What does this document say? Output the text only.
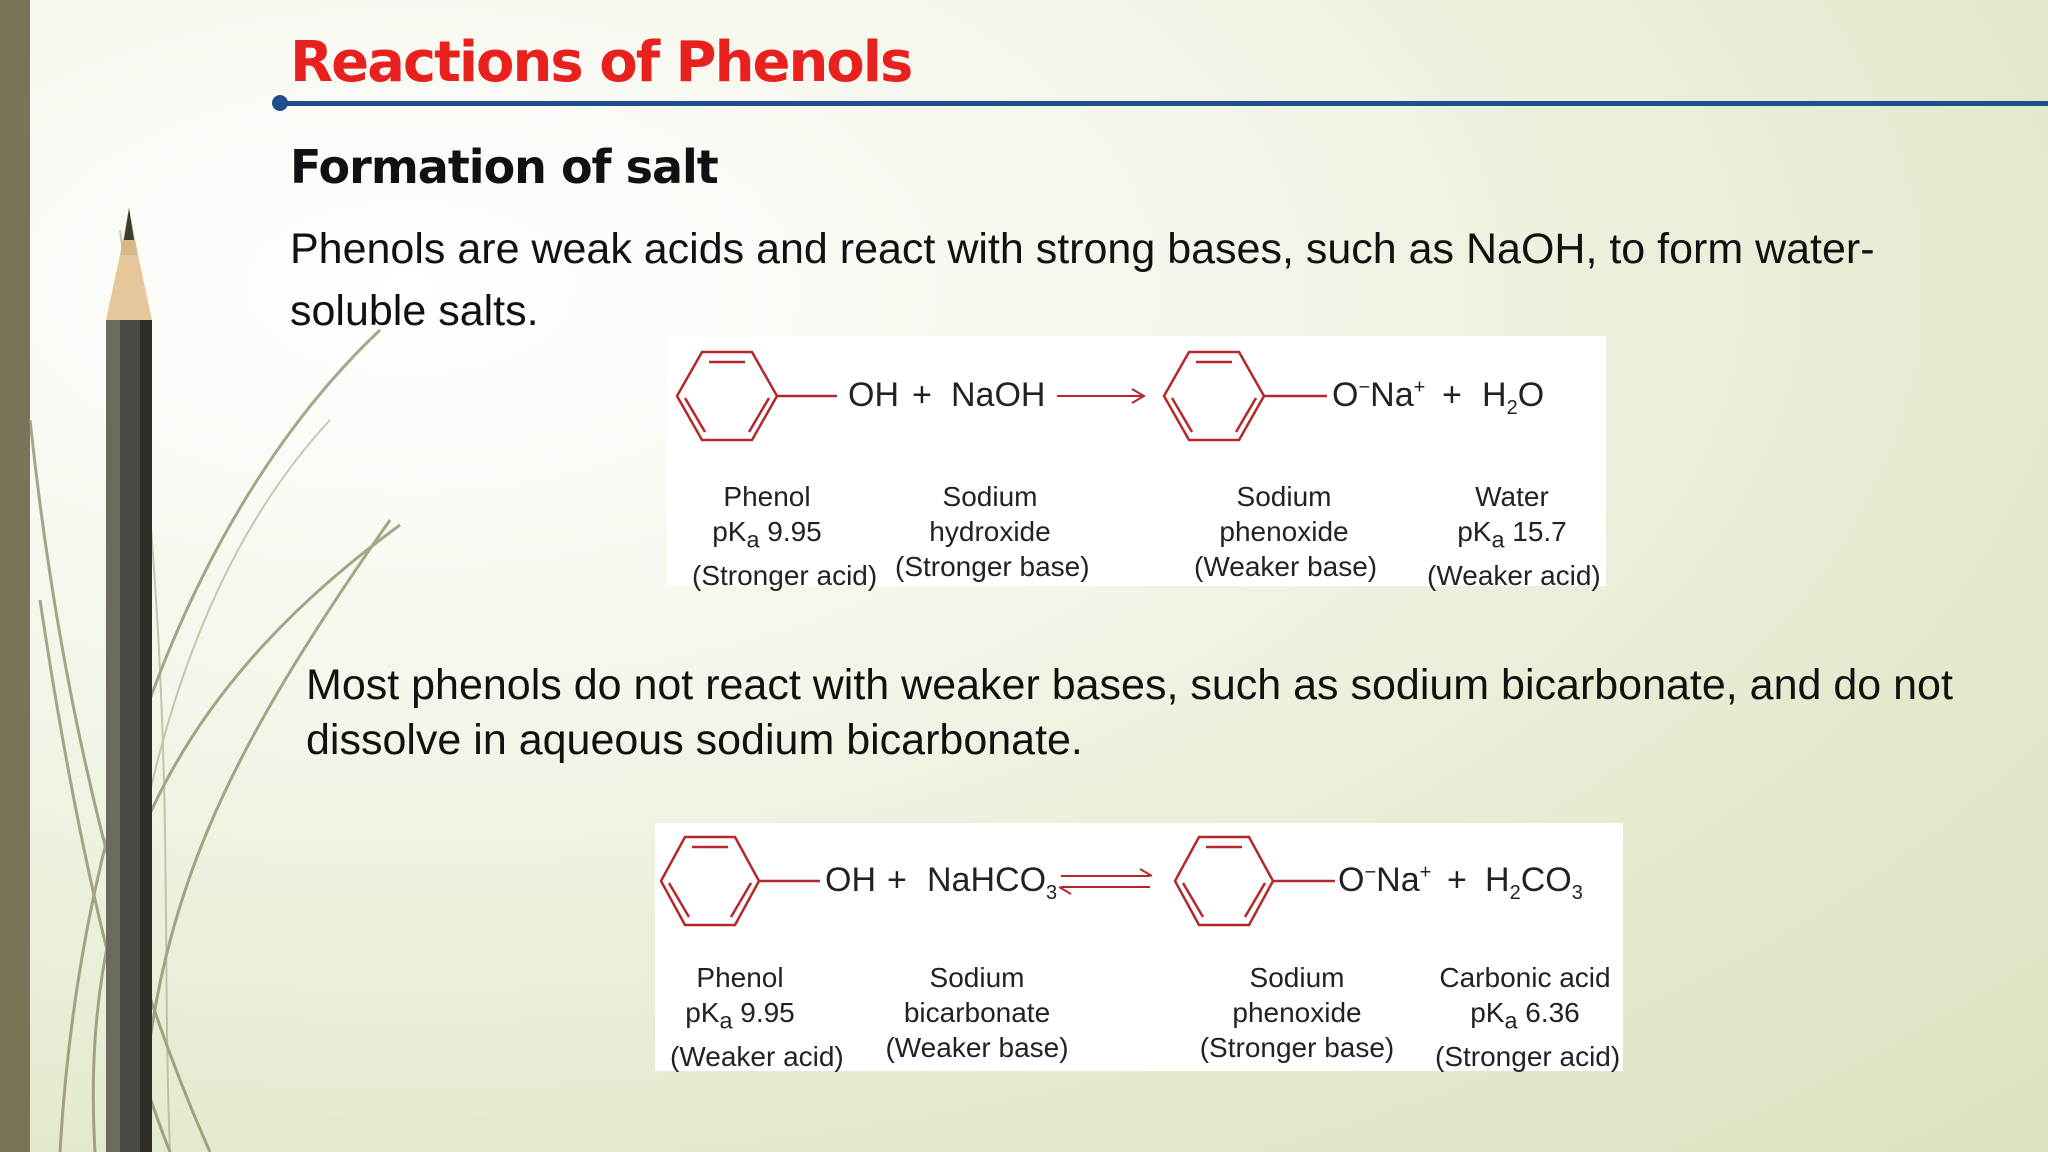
Reactions of Phenols
Formation of salt

Phenols are weak acids and react with strong bases, such as NaOH, to form water-soluble salts.

OH + NaOH	$O^-Na^+ + H_2O$
Phenol
$pK_a$ 9.95
(Stronger acid)
Sodium
hydroxide
(Stronger base)
Sodium
phenoxide
(Weaker base)
Water
$pK_a$ 15.7
(Weaker acid)

Most phenols do not react with weaker bases, such as sodium bicarbonate, and do not dissolve in aqueous sodium bicarbonate.

OH + NaHCO$_3$	$O^-Na^+ + H_2CO_3$
Phenol
$pK_a$ 9.95
(Weaker acid)
Sodium
bicarbonate
(Weaker base)
Sodium
phenoxide
(Stronger base)
Carbonic acid
$pK_a$ 6.36
(Stronger acid)
